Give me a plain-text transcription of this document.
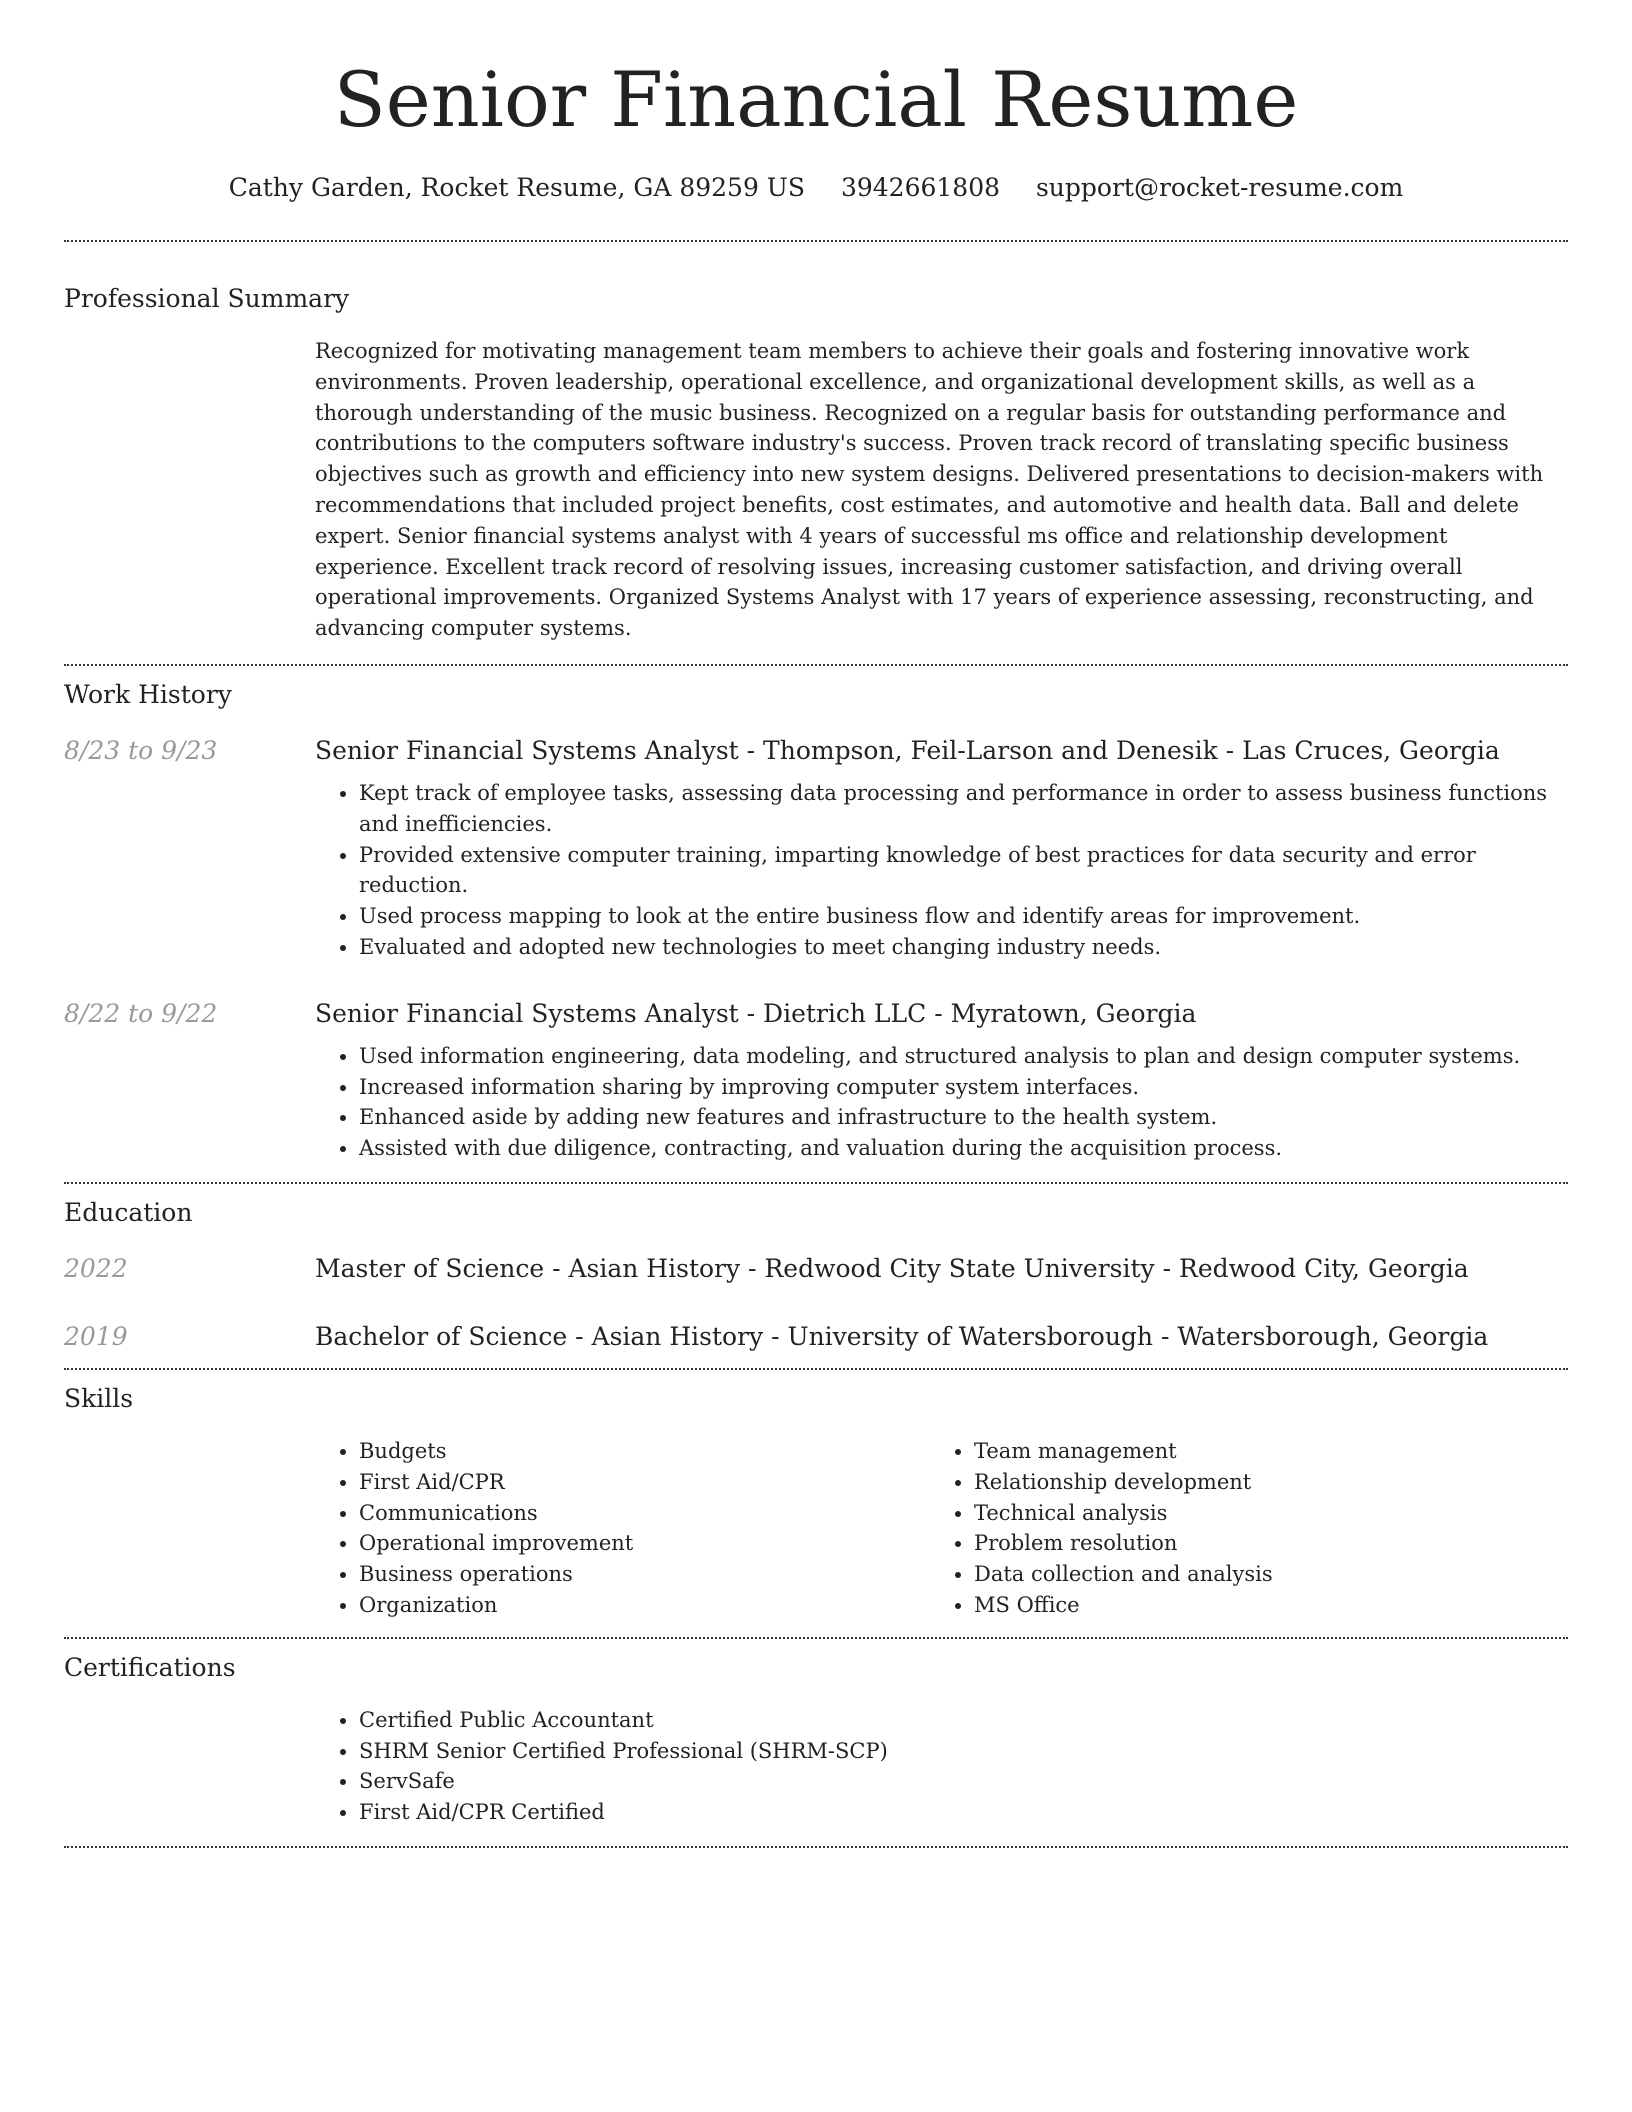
Senior Financial Resume
Cathy Garden, Rocket Resume, GA 89259 US 3942661808 support@rocket-resume.com
Professional Summary
Recognized for motivating management team members to achieve their goals and fostering innovative work environments. Proven leadership, operational excellence, and organizational development skills, as well as a thorough understanding of the music business. Recognized on a regular basis for outstanding performance and contributions to the computers software industry's success. Proven track record of translating specific business objectives such as growth and efficiency into new system designs. Delivered presentations to decision-makers with recommendations that included project benefits, cost estimates, and automotive and health data. Ball and delete expert. Senior financial systems analyst with 4 years of successful ms office and relationship development experience. Excellent track record of resolving issues, increasing customer satisfaction, and driving overall operational improvements. Organized Systems Analyst with 17 years of experience assessing, reconstructing, and advancing computer systems.
Work History
8/23 to 9/23	Senior Financial Systems Analyst - Thompson, Feil-Larson and Denesik - Las Cruces, Georgia
• Kept track of employee tasks, assessing data processing and performance in order to assess business functions and inefficiencies.
• Provided extensive computer training, imparting knowledge of best practices for data security and error reduction.
• Used process mapping to look at the entire business flow and identify areas for improvement.
• Evaluated and adopted new technologies to meet changing industry needs.
8/22 to 9/22	Senior Financial Systems Analyst - Dietrich LLC - Myratown, Georgia
• Used information engineering, data modeling, and structured analysis to plan and design computer systems.
• Increased information sharing by improving computer system interfaces.
• Enhanced aside by adding new features and infrastructure to the health system.
• Assisted with due diligence, contracting, and valuation during the acquisition process.
Education
2022	Master of Science - Asian History - Redwood City State University - Redwood City, Georgia
2019	Bachelor of Science - Asian History - University of Watersborough - Watersborough, Georgia
Skills
• Budgets
• First Aid/CPR
• Communications
• Operational improvement
• Business operations
• Organization
• Team management
• Relationship development
• Technical analysis
• Problem resolution
• Data collection and analysis
• MS Office
Certifications
• Certified Public Accountant
• SHRM Senior Certified Professional (SHRM-SCP)
• ServSafe
• First Aid/CPR Certified
